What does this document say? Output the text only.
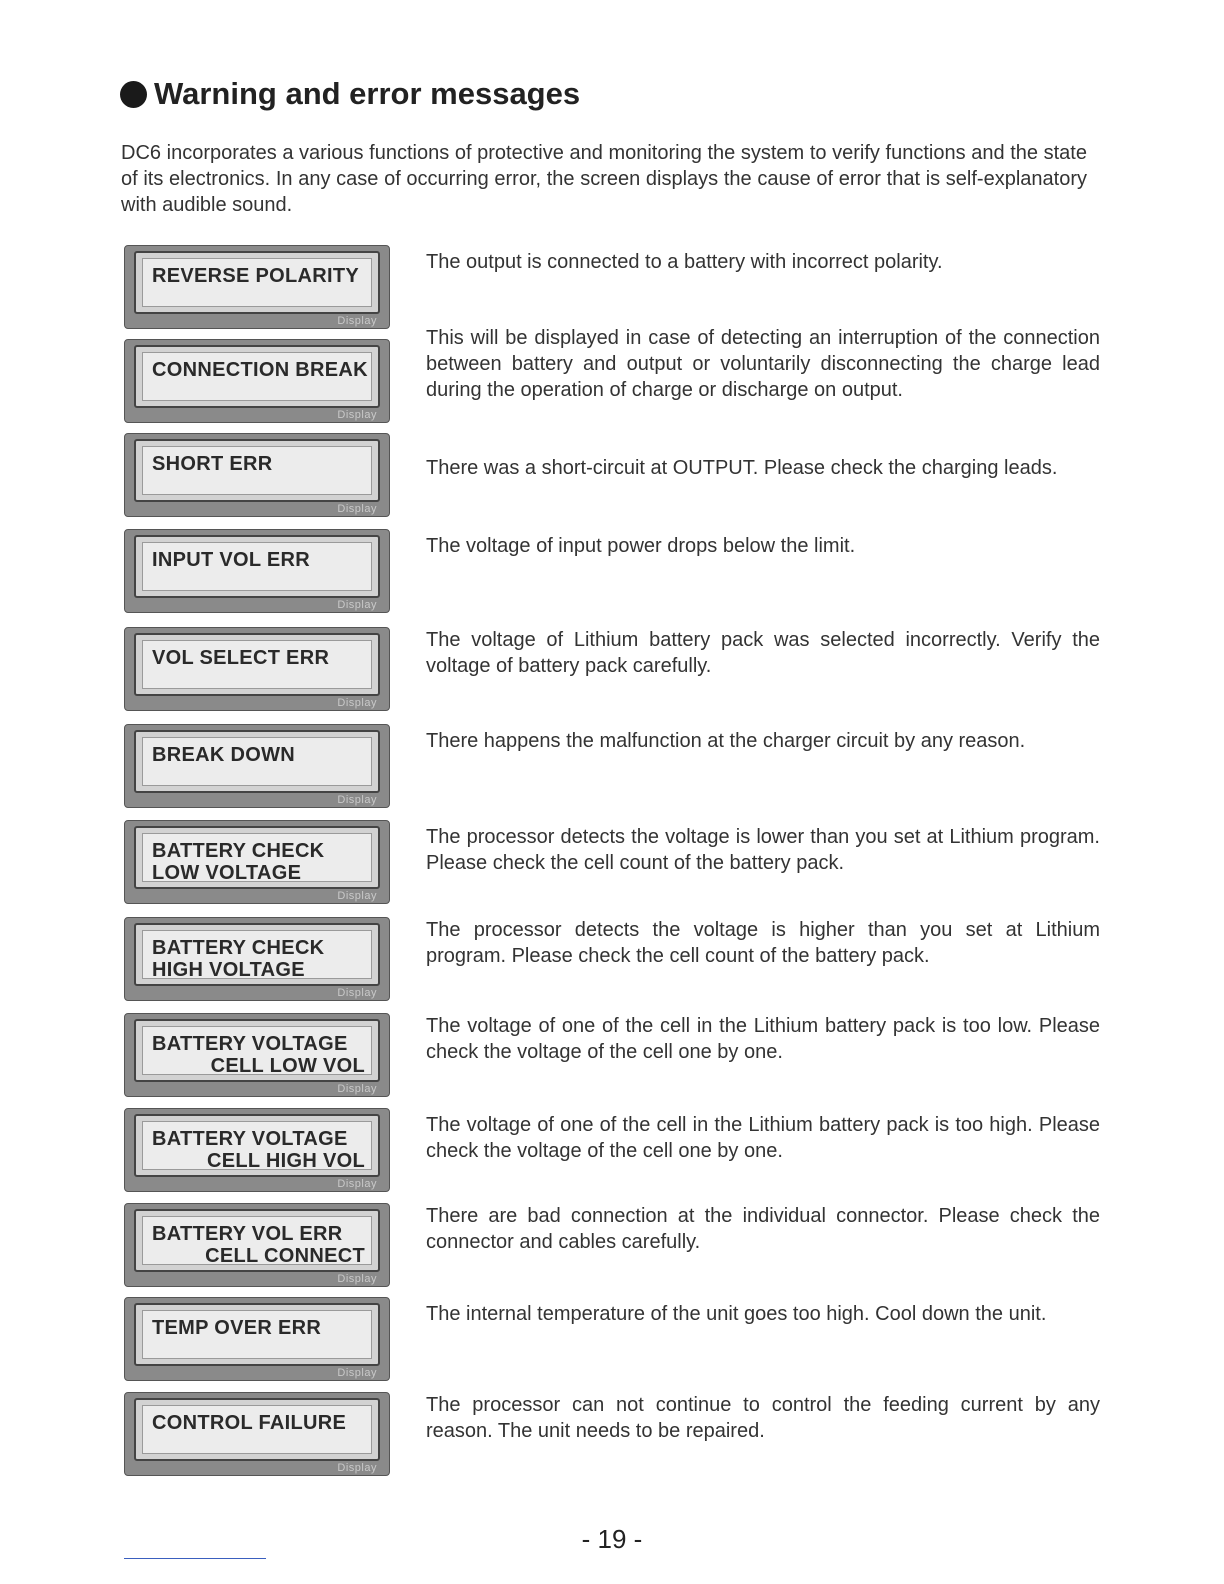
Warning and error messages

DC6 incorporates a various functions of protective and monitoring the system to verify functions and the state of its electronics. In any case of occurring error, the screen displays the cause of error that is self-explanatory with audible sound.

REVERSE POLARITY
Display

The output is connected to a battery with incorrect polarity.

CONNECTION BREAK
Display

This will be displayed in case of detecting an interruption of the connection between battery and output or voluntarily disconnecting the charge lead during the operation of charge or discharge on output.

SHORT ERR
Display

There was a short-circuit at OUTPUT. Please check the charging leads.

INPUT VOL ERR
Display

The voltage of input power drops below the limit.

VOL SELECT ERR
Display

The voltage of Lithium battery pack was selected incorrectly. Verify the voltage of battery pack carefully.

BREAK DOWN
Display

There happens the malfunction at the charger circuit by any reason.

BATTERY CHECK
LOW VOLTAGE
Display

The processor detects the voltage is lower than you set at Lithium program. Please check the cell count of the battery pack.

BATTERY CHECK
HIGH VOLTAGE
Display

The processor detects the voltage is higher than you set at Lithium program. Please check the cell count of the battery pack.

BATTERY VOLTAGE
CELL LOW VOL
Display

The voltage of one of the cell in the Lithium battery pack is too low. Please check the voltage of the cell one by one.

BATTERY VOLTAGE
CELL HIGH VOL
Display

The voltage of one of the cell in the Lithium battery pack is too high. Please check the voltage of the cell one by one.

BATTERY VOL ERR
CELL CONNECT
Display

There are bad connection at the individual connector. Please check the connector and cables carefully.

TEMP OVER ERR
Display

The internal temperature of the unit goes too high. Cool down the unit.

CONTROL FAILURE
Display

The processor can not continue to control the feeding current by any reason. The unit needs to be repaired.

- 19 -
